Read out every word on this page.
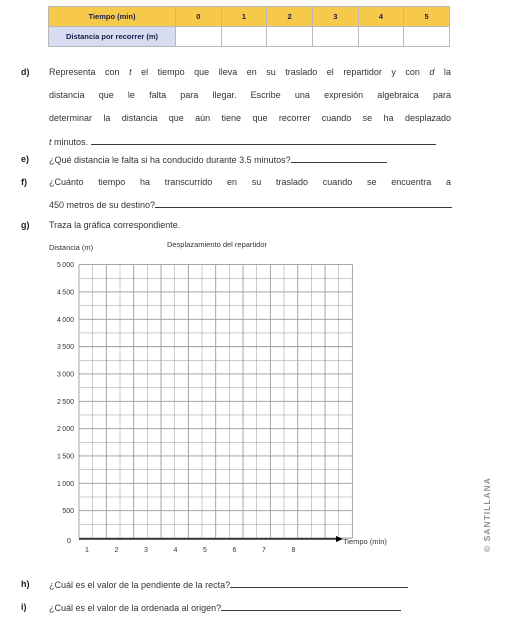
Tiempo (min)	0	1	2	3	4	5
Distancia por recorrer (m)						
d) Representa con t el tiempo que lleva en su traslado el repartidor y con d la
distancia que le falta para llegar. Escribe una expresión algebraica para
determinar la distancia que aún tiene que recorrer cuando se ha desplazado
t minutos.
e) ¿Qué distancia le falta si ha conducido durante 3.5 minutos?
f) ¿Cuánto tiempo ha transcurrido en su traslado cuando se encuentra a
450 metros de su destino?
g) Traza la gráfica correspondiente.
Distancia (m)	Desplazamiento del repartidor
5 000
4 500
4 000
3 500
3 000
2 500
2 000
1 500
1 000
500
1	2	3	4	5	6	7	8
0	Tiempo (min)
h) ¿Cuál es el valor de la pendiente de la recta?
i)	¿Cuál es el valor de la ordenada al origen?
© SANTILLANA
